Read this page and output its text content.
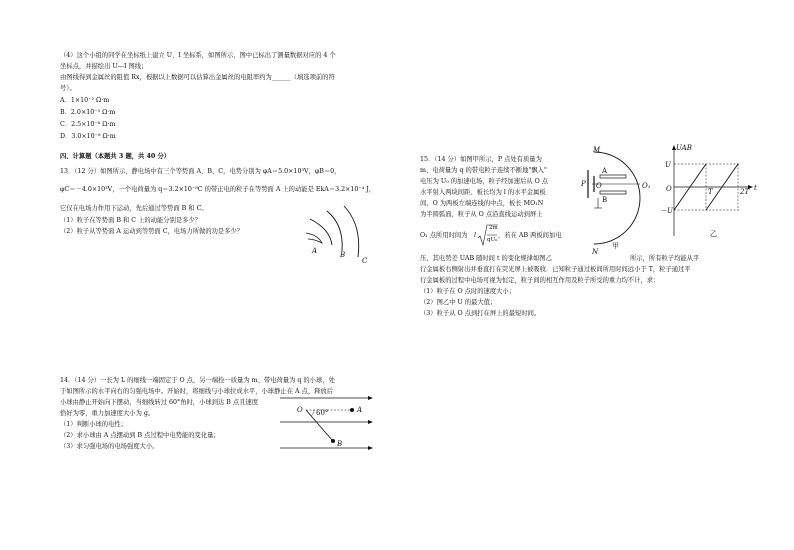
（4）这个小组的同学在坐标纸上建立 U、I 坐标系，如图所示，图中已标出了测量数据对应的 4 个

坐标点，并描绘出 U—I 图线；

由图线得到金属丝的阻值 Rx，根据以上数据可以估算出金属丝的电阻率约为______（填选项前的符

号）。

A．1×10⁻² Ω·m

B．2.0×10⁻³ Ω·m

C．2.5×10⁻⁶ Ω·m

D．3.0×10⁻⁸ Ω·m

四、计算题（本题共 3 题，共 40 分）

13．（12 分）如图所示，静电场中有三个等势面 A、B、C，电势分别为 φA＝5.0×10³V，φB＝0，

φC＝－4.0×10³V，一个电荷量为 q＝3.2×10⁻⁸C 的带正电的粒子在等势面 A 上的动能是 EkA＝3.2×10⁻⁴ J，

它仅在电场力作用下运动，先后通过等势面 B 和 C。

（1）粒子在等势面 B 和 C 上的动能分别是多少？

（2）粒子从等势面 A 运动到等势面 C，电场力所做的功是多少？

A	B
C

14．（14 分）一长为 L 的细线一端固定于 O 点，另一端拴一质量为 m、带电荷量为 q 的小球，处

于如图所示的水平向右的匀强电场中。开始时，将细线与小球拉成水平，小球静止在 A 点，释放后

小球由静止开始向下摆动，当细线转过 60°角时，小球到达 B 点且速度

恰好为零，重力加速度大小为 g。

（1）判断小球的电性；

（2）求小球由 A 点摆动到 B 点过程中电势能的变化量；

（3）求匀强电场的电场强度大小。

O 60°	A
B

15．（14 分）如图甲所示，P 点处有质量为

m、电荷量为 q 的带电粒子连续不断地"飘入"

电压为 U₀ 的加速电场，粒子经加速后从 O 点

水平射入两块间距、板长均为 l 的水平金属板

间，O 为两板左端连线的中点，板长 MO₁N

为半圆弧面，粒子从 O 点沿直线运动到屏上

O₁ 点所用时间为 l

2m

qU₀

，若在 AB 两板间加电

压，其电势差 UAB 随时间 t 的变化规律如图乙	所示，所有粒子均能从平

行金属板右侧射出并垂直打在荧光屏上被吸收．已知粒子通过板间所用时间远小于 T，粒子通过平

行金属板的过程中电场可视为恒定，粒子间的相互作用及粒子所受的重力均不计，求：

（1）粒子在 O 点时的速度大小；

（2）图乙中 U 的最大值；

（3）粒子从 O 点到打在屏上的最短时间。

M
N
P O
A
B
O₁
甲
UAB
U
O
－U
T	2T t
乙
